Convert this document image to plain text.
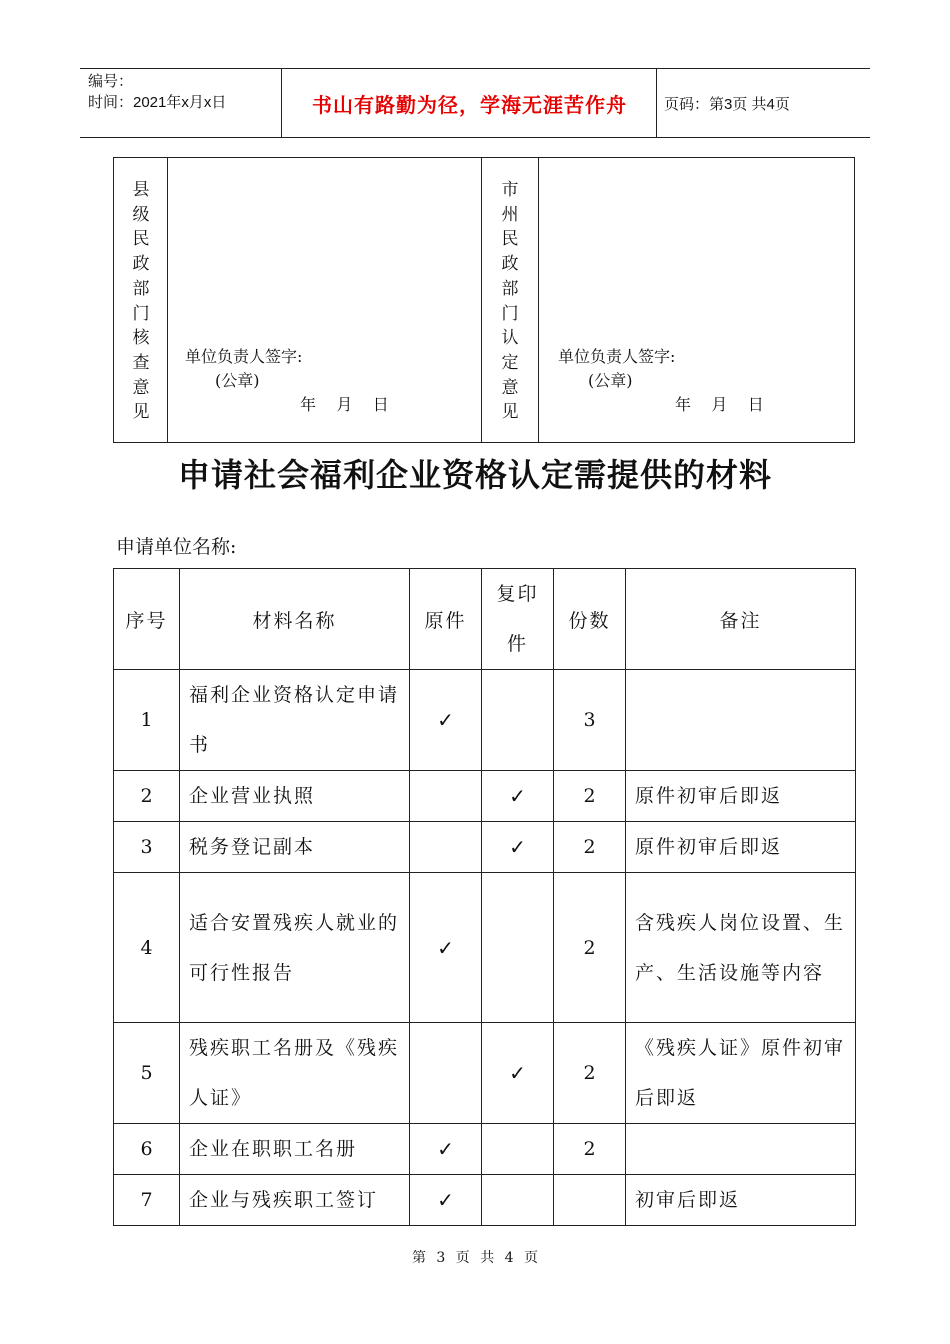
编号：
时间：2021年x月x日	书山有路勤为径，学海无涯苦作舟	页码：第3页 共4页
县
级
民
政
部
门
核
查
意
见
单位负责人签字:
(公章)
年    月    日
市
州
民
政
部
门
认
定
意
见
单位负责人签字:
(公章)
年    月    日
申请社会福利企业资格认定需提供的材料
申请单位名称:
序号	材料名称	原件	复印件	份数	备注
1	福利企业资格认定申请书	✓		3	
2	企业营业执照		✓	2	原件初审后即返
3	税务登记副本		✓	2	原件初审后即返
4	适合安置残疾人就业的可行性报告	✓		2	含残疾人岗位设置、生产、生活设施等内容
5	残疾职工名册及《残疾人证》		✓	2	《残疾人证》原件初审后即返
6	企业在职职工名册	✓		2	
7	企业与残疾职工签订	✓			初审后即返
第 3 页 共 4 页
